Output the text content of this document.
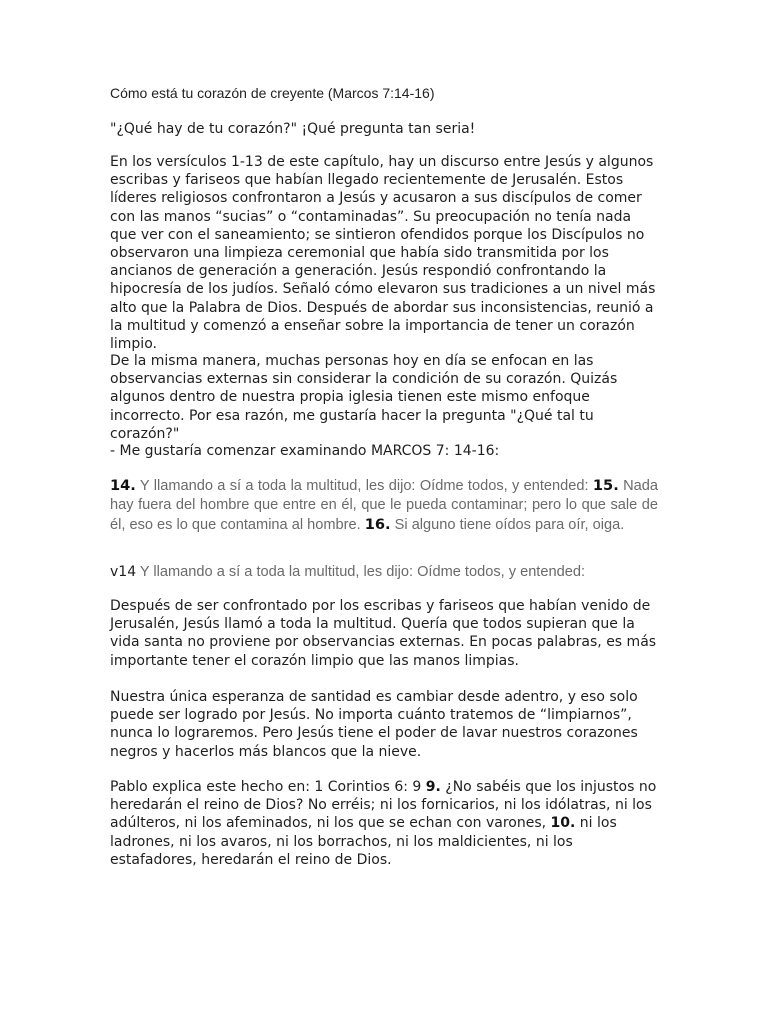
Cómo está tu corazón de creyente (Marcos 7:14-16)

"¿Qué hay de tu corazón?" ¡Qué pregunta tan seria!

En los versículos 1-13 de este capítulo, hay un discurso entre Jesús y algunos escribas y fariseos que habían llegado recientemente de Jerusalén. Estos líderes religiosos confrontaron a Jesús y acusaron a sus discípulos de comer con las manos “sucias” o “contaminadas”. Su preocupación no tenía nada que ver con el saneamiento; se sintieron ofendidos porque los Discípulos no observaron una limpieza ceremonial que había sido transmitida por los ancianos de generación a generación. Jesús respondió confrontando la hipocresía de los judíos. Señaló cómo elevaron sus tradiciones a un nivel más alto que la Palabra de Dios. Después de abordar sus inconsistencias, reunió a la multitud y comenzó a enseñar sobre la importancia de tener un corazón limpio.

De la misma manera, muchas personas hoy en día se enfocan en las observancias externas sin considerar la condición de su corazón. Quizás algunos dentro de nuestra propia iglesia tienen este mismo enfoque incorrecto. Por esa razón, me gustaría hacer la pregunta "¿Qué tal tu corazón?"

- Me gustaría comenzar examinando MARCOS 7: 14-16:

14. Y llamando a sí a toda la multitud, les dijo: Oídme todos, y entended: 15. Nada hay fuera del hombre que entre en él, que le pueda contaminar; pero lo que sale de él, eso es lo que contamina al hombre. 16. Si alguno tiene oídos para oír, oiga.

v14 Y llamando a sí a toda la multitud, les dijo: Oídme todos, y entended:

Después de ser confrontado por los escribas y fariseos que habían venido de Jerusalén, Jesús llamó a toda la multitud. Quería que todos supieran que la vida santa no proviene por observancias externas. En pocas palabras, es más importante tener el corazón limpio que las manos limpias.

Nuestra única esperanza de santidad es cambiar desde adentro, y eso solo puede ser logrado por Jesús. No importa cuánto tratemos de “limpiarnos”, nunca lo lograremos. Pero Jesús tiene el poder de lavar nuestros corazones negros y hacerlos más blancos que la nieve.

Pablo explica este hecho en: 1 Corintios 6: 9 9. ¿No sabéis que los injustos no heredarán el reino de Dios? No erréis; ni los fornicarios, ni los idólatras, ni los adúlteros, ni los afeminados, ni los que se echan con varones, 10. ni los ladrones, ni los avaros, ni los borrachos, ni los maldicientes, ni los estafadores, heredarán el reino de Dios.
